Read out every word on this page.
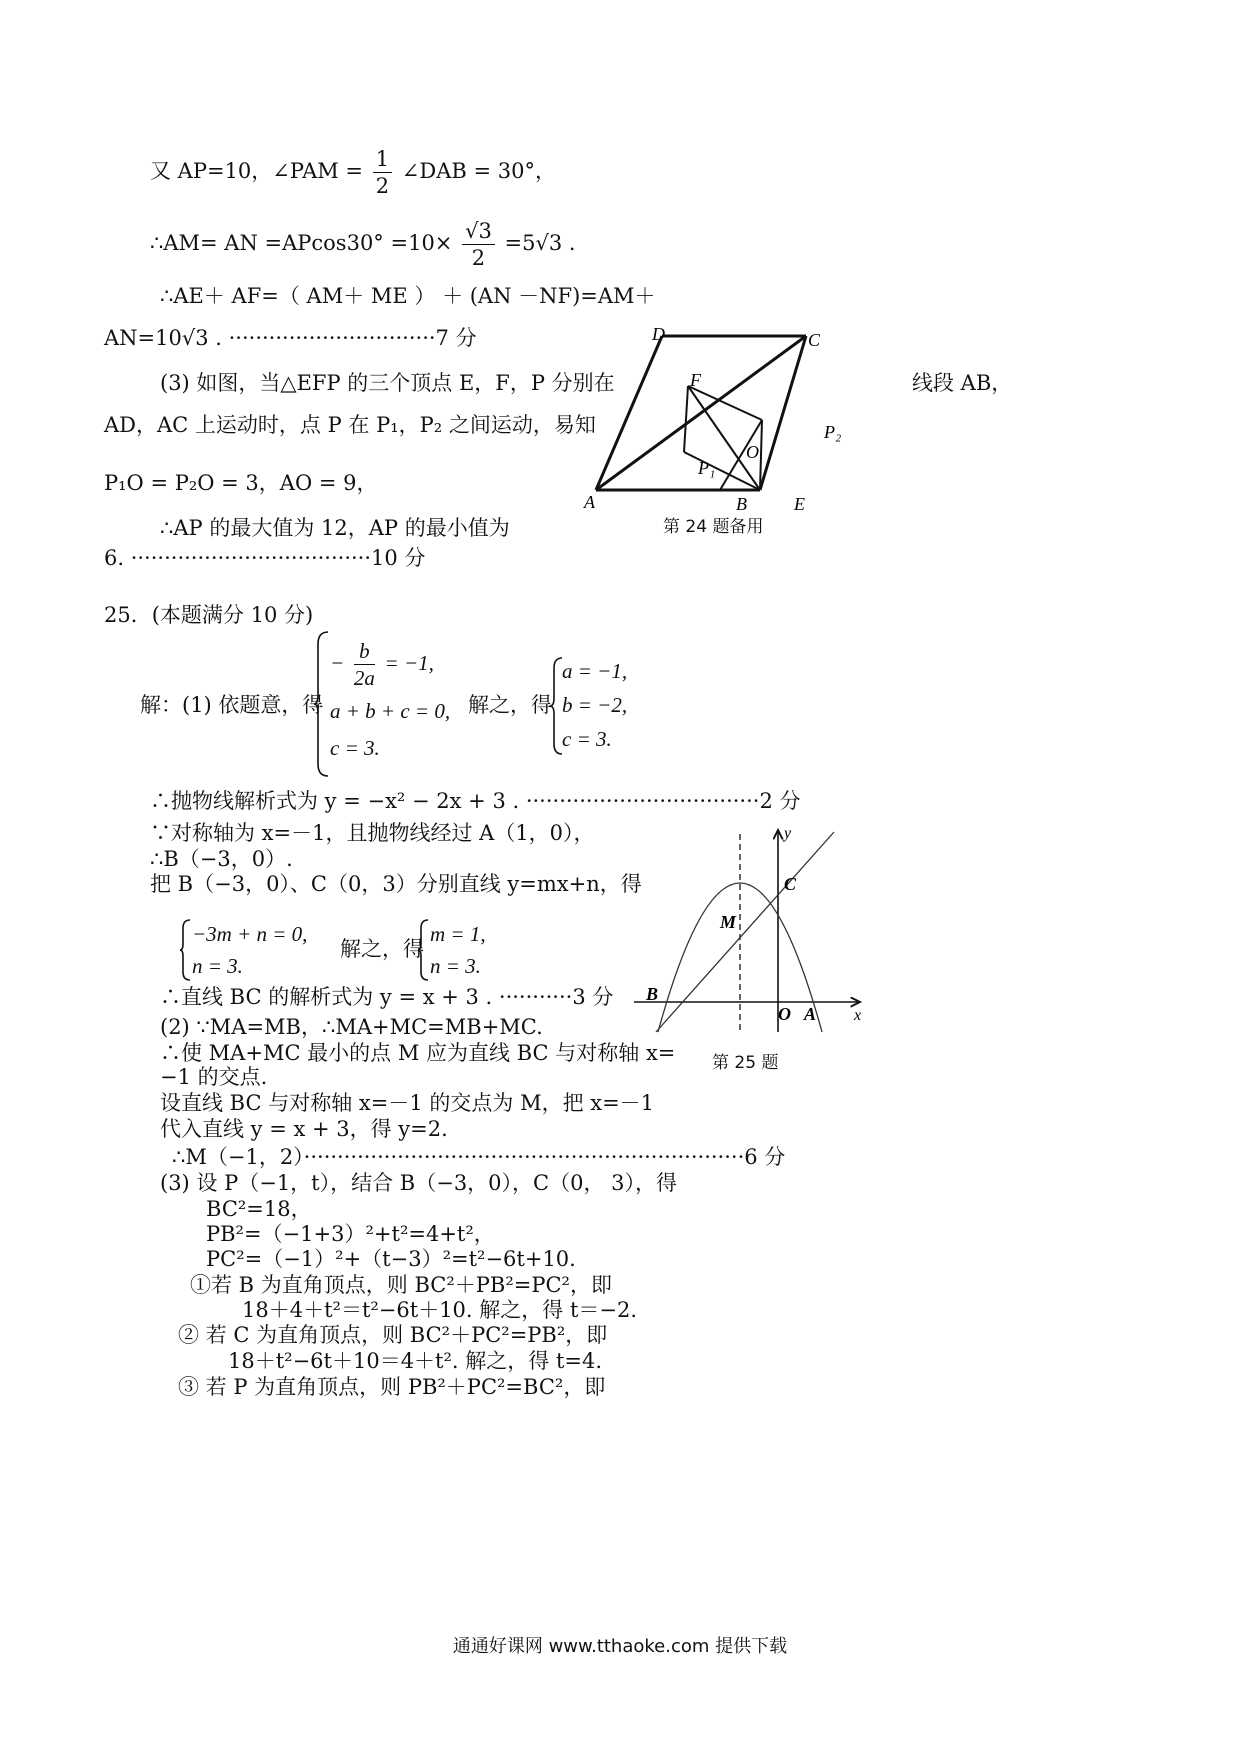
又 AP=10，∠PAM = $\frac{1}{2}$ ∠DAB = 30°，
∴AM= AN $=APcos30^\circ =10\times \frac{√3}{2} =5√3$ .
∴AE＋ AF=（ AM＋ ME ） ＋ (AN －NF)=AM＋
AN=10√3 . ·······························7 分
(3) 如图，当△EFP 的三个顶点 E，F，P 分别在	线段 AB，
AD，AC 上运动时，点 P 在 P₁，P₂ 之间运动，易知
P₁O = P₂O = 3，AO = 9，
∴AP 的最大值为 12，AP 的最小值为
6. ····································10 分
D	C
F
O
P₁
A	B	E
P₂
第 24 题备用
25．(本题满分 10 分)
解：(1) 依题意，得
− $\frac{b}{2a} = -1$,
a + b + c = 0,
c = 3.
解之，得
a = −1,
b = −2,
c = 3.
∴抛物线解析式为 y = −x² − 2x + 3 . ···································2 分
∵对称轴为 x=－1，且抛物线经过 A（1，0），
∴B（−3，0）.
把 B（−3，0）、C（0，3）分别直线 y=mx+n，得
−3m + n = 0,
n = 3.
解之，得
m = 1,
n = 3.
∴直线 BC 的解析式为 y = x + 3 . ···········3 分
(2) ∵MA=MB，∴MA+MC=MB+MC.
∴使 MA+MC 最小的点 M 应为直线 BC 与对称轴 x=
−1 的交点.
设直线 BC 与对称轴 x=－1 的交点为 M，把 x=－1
代入直线 y = x + 3，得 y=2.
∴M（−1，2）··································································6 分
(3) 设 P（−1，t），结合 B（−3，0），C（0， 3），得
BC²=18，
PB²=（−1+3）²+t²=4+t²，
PC²=（−1）²+（t−3）²=t²−6t+10.
①若 B 为直角顶点，则 BC²＋PB²=PC²，即
18＋4＋t²＝t²−6t＋10. 解之，得 t＝−2.
② 若 C 为直角顶点，则 BC²＋PC²=PB²，即
18＋t²−6t＋10＝4＋t². 解之，得 t=4.
③ 若 P 为直角顶点，则 PB²＋PC²=BC²，即
y
x
C
M
B
O A
第 25 题
通通好课网 www.tthaoke.com 提供下载
